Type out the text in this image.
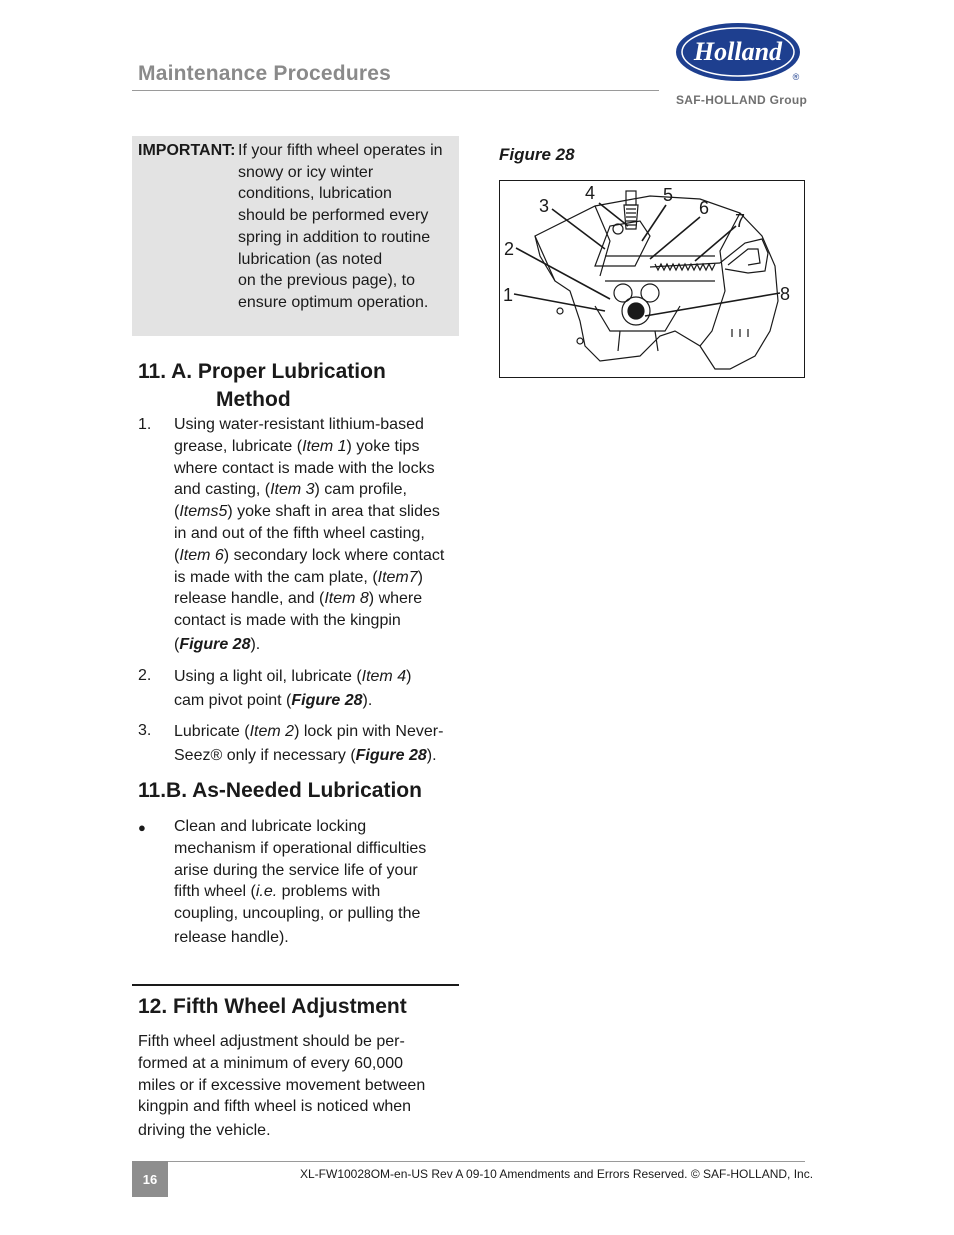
Maintenance Procedures
Holland
®
SAF-HOLLAND Group
IMPORTANT: If your fifth wheel operates in
snowy or icy winter
conditions, lubrication
should be performed every
spring in addition to routine
lubrication (as noted
on the previous page), to
ensure optimum operation.
11. A. Proper Lubrication
Method
1.	Using water-resistant lithium-based
grease, lubricate (Item 1) yoke tips
where contact is made with the locks
and casting, (Item 3) cam profile,
(Items5) yoke shaft in area that slides
in and out of the fifth wheel casting,
(Item 6) secondary lock where contact
is made with the cam plate, (Item7)
release handle, and (Item 8) where
contact is made with the kingpin
(Figure 28).
2.	Using a light oil, lubricate (Item 4)
cam pivot point (Figure 28).
3.	Lubricate (Item 2) lock pin with Never-
Seez® only if necessary (Figure 28).
11.B. As-Needed Lubrication
● Clean and lubricate locking
mechanism if operational difficulties
arise during the service life of your
fifth wheel (i.e. problems with
coupling, uncoupling, or pulling the
release handle).
12. Fifth Wheel Adjustment
Fifth wheel adjustment should be per-
formed at a minimum of every 60,000
miles or if excessive movement between
kingpin and fifth wheel is noticed when
driving the vehicle.
Figure 28
1
2
3
4	5
6
7
8
16	XL-FW10028OM-en-US Rev A 09-10 Amendments and Errors Reserved. © SAF-HOLLAND, Inc.
